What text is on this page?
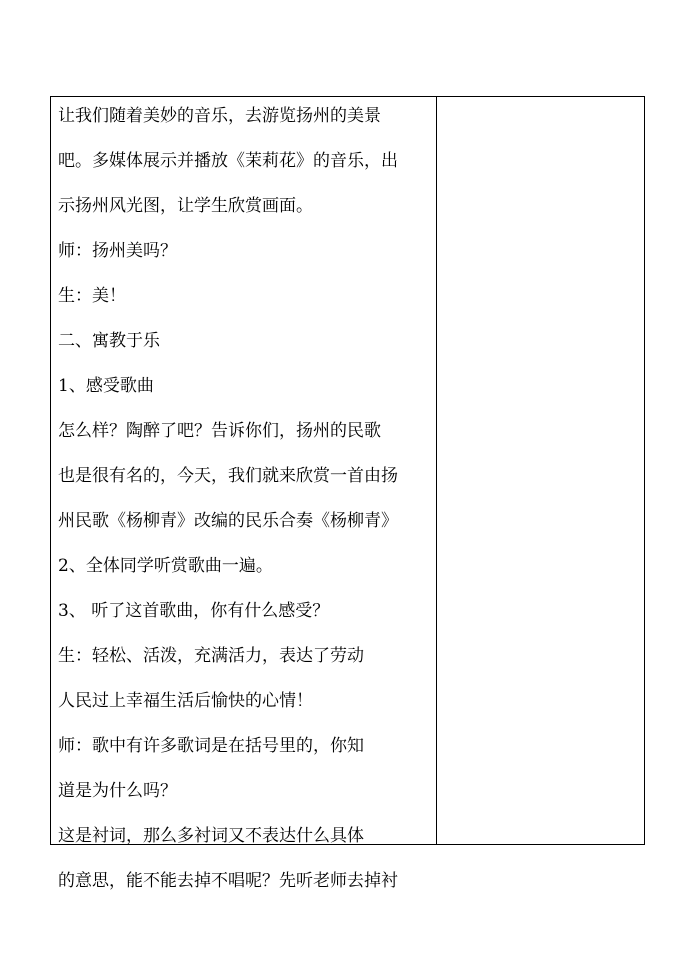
让我们随着美妙的音乐，去游览扬州的美景
吧。多媒体展示并播放《茉莉花》的音乐，出
示扬州风光图，让学生欣赏画面。
师：扬州美吗？
生：美！
二、寓教于乐
1、感受歌曲
怎么样？陶醉了吧？告诉你们，扬州的民歌
也是很有名的，今天，我们就来欣赏一首由扬
州民歌《杨柳青》改编的民乐合奏《杨柳青》
2、全体同学听赏歌曲一遍。
3、 听了这首歌曲，你有什么感受？
生：轻松、活泼，充满活力，表达了劳动
人民过上幸福生活后愉快的心情！
师：歌中有许多歌词是在括号里的，你知
道是为什么吗？
这是衬词，那么多衬词又不表达什么具体
的意思，能不能去掉不唱呢？先听老师去掉衬
